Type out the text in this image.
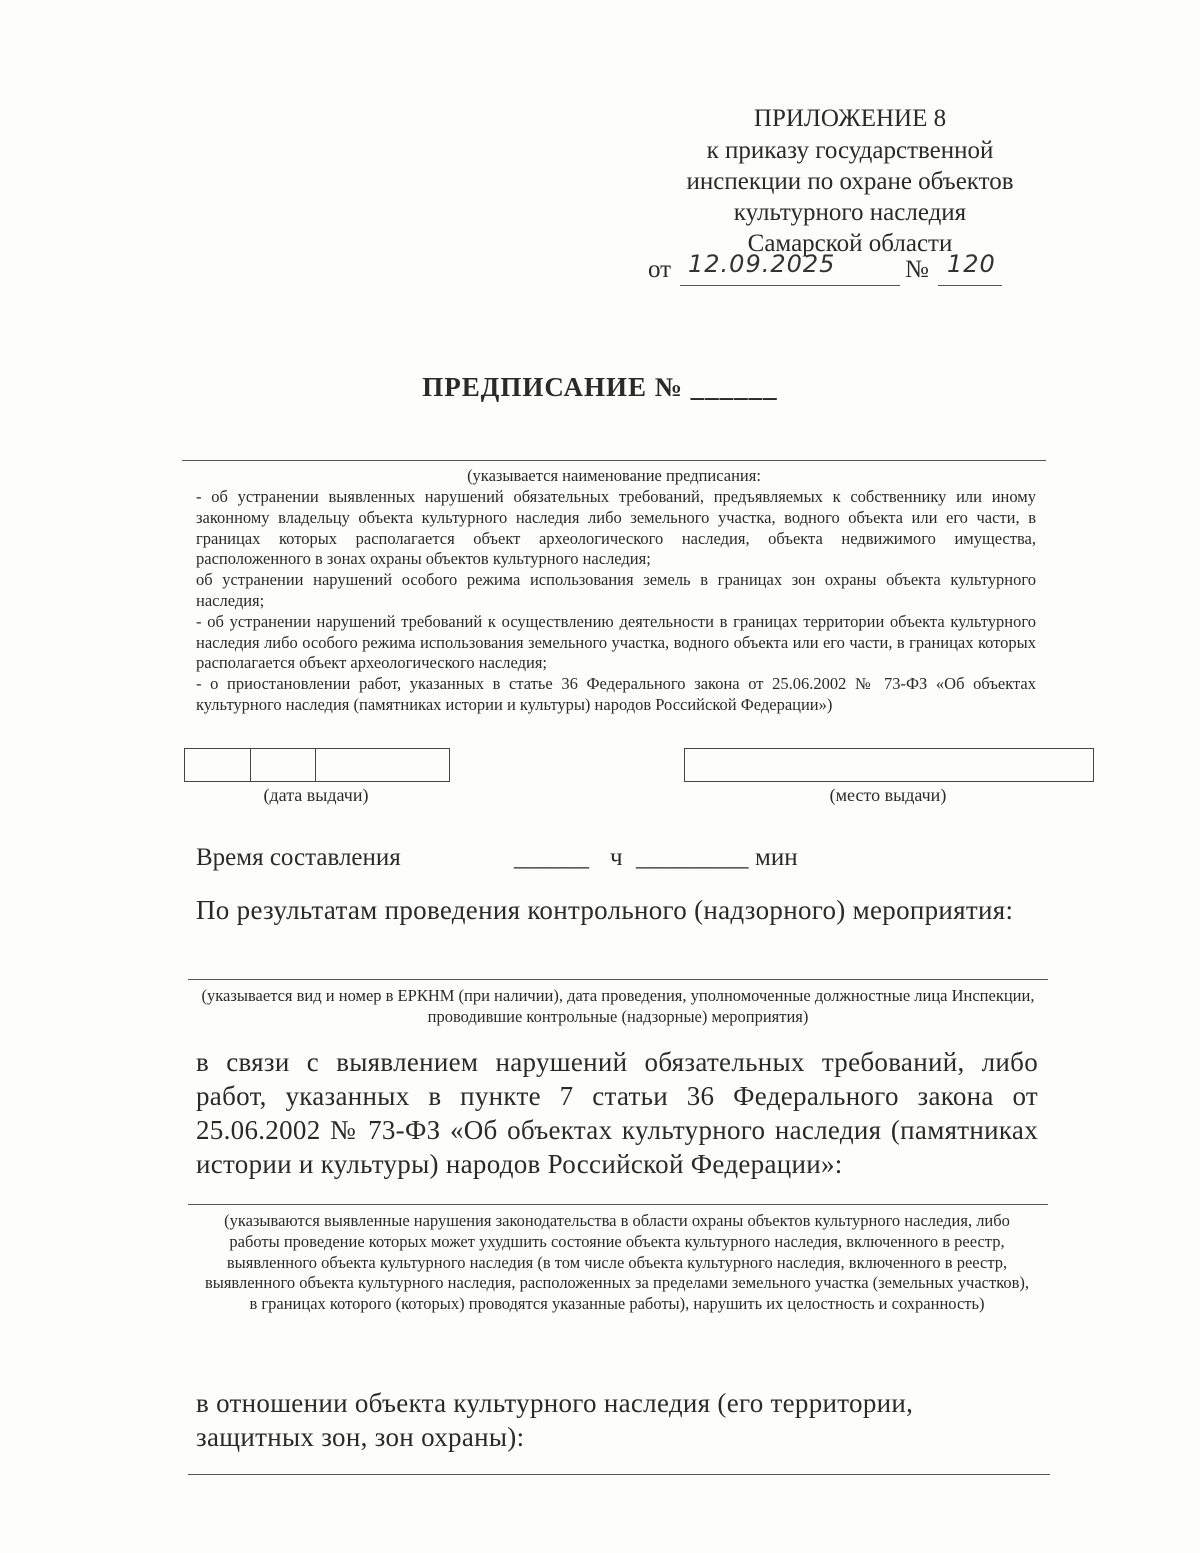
ПРИЛОЖЕНИЕ 8
к приказу государственной
инспекции по охране объектов
культурного наследия
Самарской области
от 12.09.2025	№ 120
ПРЕДПИСАНИЕ № ______
(указывается наименование предписания:
- об устранении выявленных нарушений обязательных требований, предъявляемых к собственнику или иному законному владельцу объекта культурного наследия либо земельного участка, водного объекта или его части, в границах которых располагается объект археологического наследия, объекта недвижимого имущества, расположенного в зонах охраны объектов культурного наследия;
об устранении нарушений особого режима использования земель в границах зон охраны объекта культурного наследия;
- об устранении нарушений требований к осуществлению деятельности в границах территории объекта культурного наследия либо особого режима использования земельного участка, водного объекта или его части, в границах которых располагается объект археологического наследия;
- о приостановлении работ, указанных в статье 36 Федерального закона от 25.06.2002 № 73-ФЗ «Об объектах культурного наследия (памятниках истории и культуры) народов Российской Федерации»)
(дата выдачи)	(место выдачи)
Время составления	______ ч _________ мин
По результатам проведения контрольного (надзорного) мероприятия:
(указывается вид и номер в ЕРКНМ (при наличии), дата проведения, уполномоченные должностные лица Инспекции, проводившие контрольные (надзорные) мероприятия)
в связи с выявлением нарушений обязательных требований, либо работ, указанных в пункте 7 статьи 36 Федерального закона от 25.06.2002 № 73-ФЗ «Об объектах культурного наследия (памятниках истории и культуры) народов Российской Федерации»:
(указываются выявленные нарушения законодательства в области охраны объектов культурного наследия, либо работы проведение которых может ухудшить состояние объекта культурного наследия, включенного в реестр, выявленного объекта культурного наследия (в том числе объекта культурного наследия, включенного в реестр, выявленного объекта культурного наследия, расположенных за пределами земельного участка (земельных участков), в границах которого (которых) проводятся указанные работы), нарушить их целостность и сохранность)
в отношении объекта культурного наследия (его территории, защитных зон, зон охраны):
